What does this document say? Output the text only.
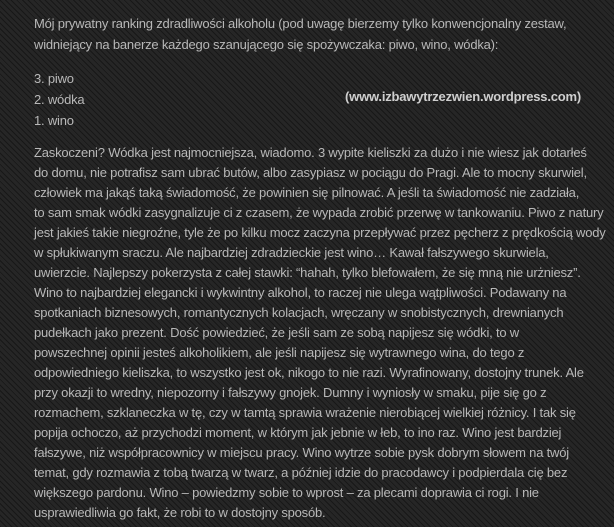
Mój prywatny ranking zdradliwości alkoholu (pod uwagę bierzemy tylko konwencjonalny zestaw,
widniejący na banerze każdego szanującego się spożywczaka: piwo, wino, wódka):
3. piwo
2. wódka
1. wino
(www.izbawytrzezwien.wordpress.com)
Zaskoczeni? Wódka jest najmocniejsza, wiadomo. 3 wypite kieliszki za dużo i nie wiesz jak dotarłeś
do domu, nie potrafisz sam ubrać butów, albo zasypiasz w pociągu do Pragi. Ale to mocny skurwiel,
człowiek ma jakąś taką świadomość, że powinien się pilnować. A jeśli ta świadomość nie zadziała,
to sam smak wódki zasygnalizuje ci z czasem, że wypada zrobić przerwę w tankowaniu. Piwo z natury
jest jakieś takie niegroźne, tyle że po kilku mocz zaczyna przepływać przez pęcherz z prędkością wody
w spłukiwanym sraczu. Ale najbardziej zdradzieckie jest wino… Kawał fałszywego skurwiela,
uwierzcie. Najlepszy pokerzysta z całej stawki: “hahah, tylko blefowałem, że się mną nie urżniesz”.
Wino to najbardziej elegancki i wykwintny alkohol, to raczej nie ulega wątpliwości. Podawany na
spotkaniach biznesowych, romantycznych kolacjach, wręczany w snobistycznych, drewnianych
pudełkach jako prezent. Dość powiedzieć, że jeśli sam ze sobą napijesz się wódki, to w
powszechnej opinii jesteś alkoholikiem, ale jeśli napijesz się wytrawnego wina, do tego z
odpowiedniego kieliszka, to wszystko jest ok, nikogo to nie razi. Wyrafinowany, dostojny trunek. Ale
przy okazji to wredny, niepozorny i fałszywy gnojek. Dumny i wyniosły w smaku, pije się go z
rozmachem, szklaneczka w tę, czy w tamtą sprawia wrażenie nierobiącej wielkiej różnicy. I tak się
popija ochoczo, aż przychodzi moment, w którym jak jebnie w łeb, to ino raz. Wino jest bardziej
fałszywe, niż współpracownicy w miejscu pracy. Wino wytrze sobie pysk dobrym słowem na twój
temat, gdy rozmawia z tobą twarzą w twarz, a później idzie do pracodawcy i podpierdala cię bez
większego pardonu. Wino – powiedzmy sobie to wprost – za plecami doprawia ci rogi. I nie
usprawiedliwia go fakt, że robi to w dostojny sposób.
